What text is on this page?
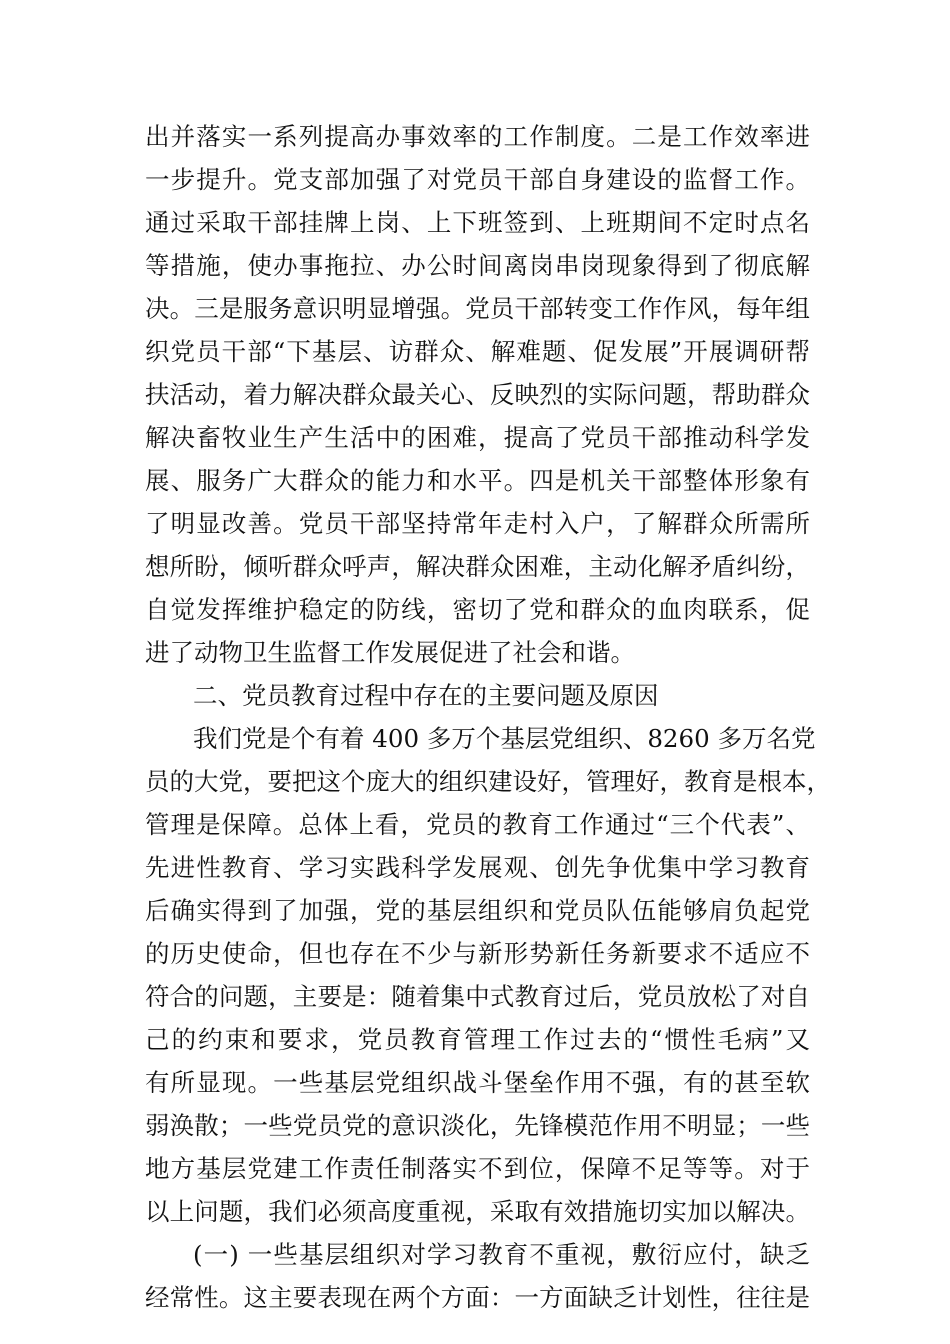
出并落实一系列提高办事效率的工作制度。二是工作效率进
一步提升。党支部加强了对党员干部自身建设的监督工作。
通过采取干部挂牌上岗、上下班签到、上班期间不定时点名
等措施，使办事拖拉、办公时间离岗串岗现象得到了彻底解
决。三是服务意识明显增强。党员干部转变工作作风，每年组
织党员干部“下基层、访群众、解难题、促发展”开展调研帮
扶活动，着力解决群众最关心、反映烈的实际问题，帮助群众
解决畜牧业生产生活中的困难，提高了党员干部推动科学发
展、服务广大群众的能力和水平。四是机关干部整体形象有
了明显改善。党员干部坚持常年走村入户，了解群众所需所
想所盼，倾听群众呼声，解决群众困难，主动化解矛盾纠纷，
自觉发挥维护稳定的防线，密切了党和群众的血肉联系，促
进了动物卫生监督工作发展促进了社会和谐。
二、党员教育过程中存在的主要问题及原因
我们党是个有着 400 多万个基层党组织、8260 多万名党
员的大党，要把这个庞大的组织建设好，管理好，教育是根本，
管理是保障。总体上看，党员的教育工作通过“三个代表”、
先进性教育、学习实践科学发展观、创先争优集中学习教育
后确实得到了加强，党的基层组织和党员队伍能够肩负起党
的历史使命，但也存在不少与新形势新任务新要求不适应不
符合的问题，主要是：随着集中式教育过后，党员放松了对自
己的约束和要求，党员教育管理工作过去的“惯性毛病”又
有所显现。一些基层党组织战斗堡垒作用不强，有的甚至软
弱涣散；一些党员党的意识淡化，先锋模范作用不明显；一些
地方基层党建工作责任制落实不到位，保障不足等等。对于
以上问题，我们必须高度重视，采取有效措施切实加以解决。
(一) 一些基层组织对学习教育不重视，敷衍应付，缺乏
经常性。这主要表现在两个方面：一方面缺乏计划性，往往是
